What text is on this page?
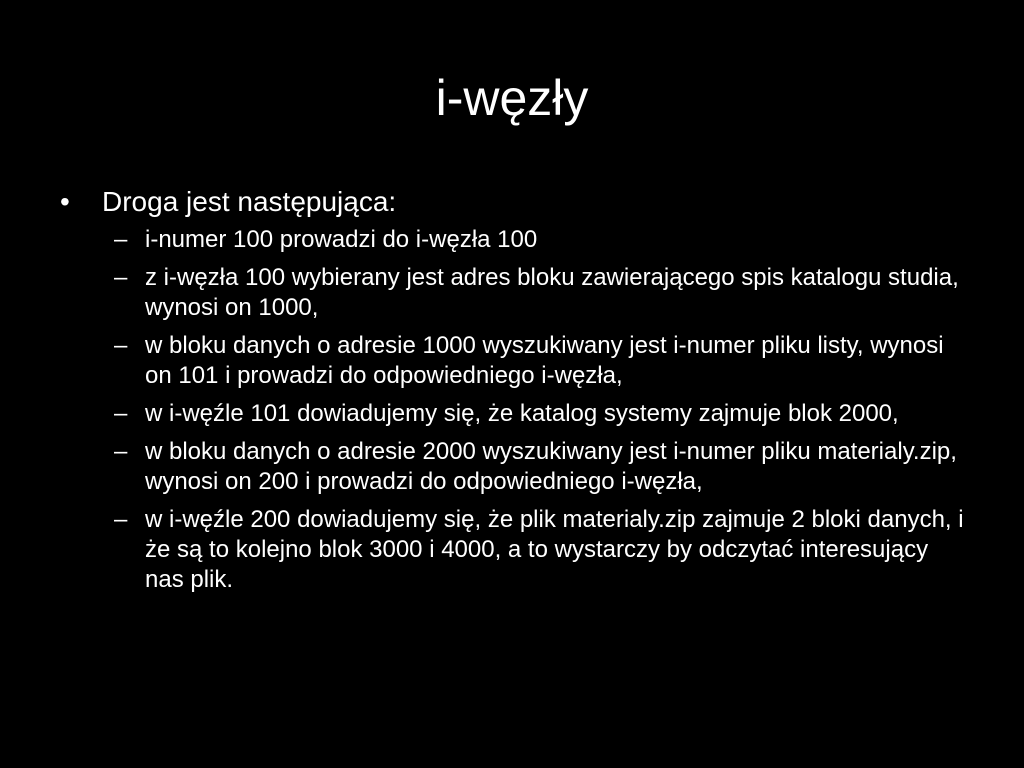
i-węzły
•	Droga jest następująca:
– i-numer 100 prowadzi do i-węzła 100
– z i-węzła 100 wybierany jest adres bloku zawierającego spis katalogu studia, wynosi on 1000,
– w bloku danych o adresie 1000 wyszukiwany jest i-numer pliku listy, wynosi on 101 i prowadzi do odpowiedniego i-węzła,
– w i-węźle 101 dowiadujemy się, że katalog systemy zajmuje blok 2000,
– w bloku danych o adresie 2000 wyszukiwany jest i-numer pliku materialy.zip, wynosi on 200 i prowadzi do odpowiedniego i-węzła,
– w i-węźle 200 dowiadujemy się, że plik materialy.zip zajmuje 2 bloki danych, i że są to kolejno blok 3000 i 4000, a to wystarczy by odczytać interesujący nas plik.
